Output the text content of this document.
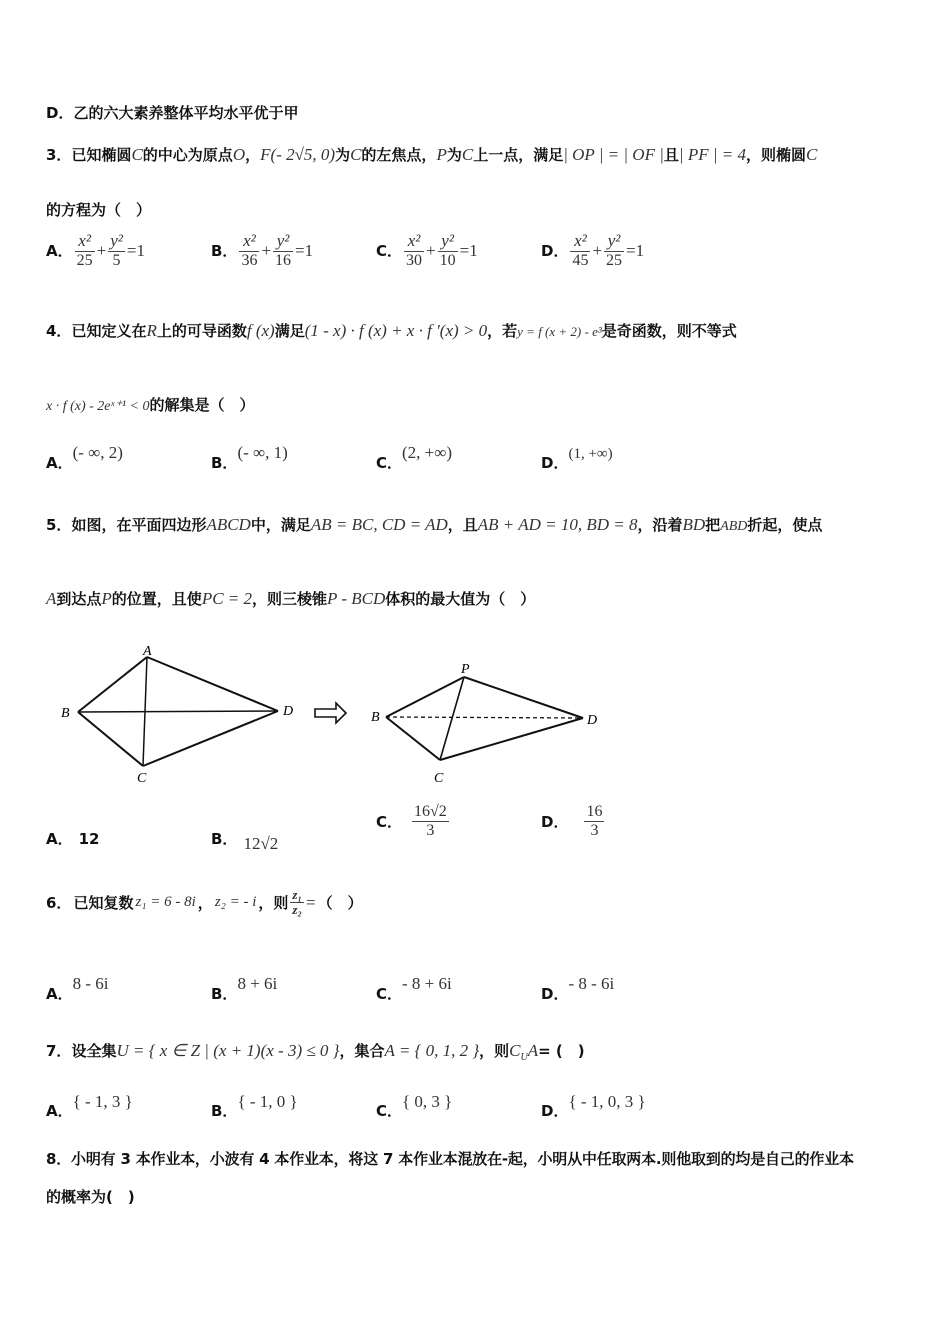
D．乙的六大素养整体平均水平优于甲
3．已知椭圆C的中心为原点O，F(- 2√5, 0)为C的左焦点，P为C上一点，满足| OP | = | OF |且| PF | = 4，则椭圆C
的方程为（　）
A． $\frac{\text{x²}}{25} + \frac{\text{y²}}{5} =1$	B． $\frac{\text{x²}}{36} + \frac{\text{y²}}{16} =1$	C． $\frac{\text{x²}}{30} + \frac{\text{y²}}{10} =1$	D． $\frac{\text{x²}}{45} + \frac{\text{y²}}{25} =1$
4．已知定义在R上的可导函数f (x)满足(1 - x) · f (x) + x · f ′(x) > 0，若y = f (x + 2) - e³是奇函数，则不等式
x · f (x) - 2eˣ⁺¹ < 0的解集是（　）
A．(- ∞, 2)
B．(- ∞, 1)
C．(2, +∞)
D．(1, +∞)
5．如图，在平面四边形ABCD中，满足AB = BC, CD = AD，且AB + AD = 10, BD = 8，沿着BD把ABD折起，使点
A到达点P的位置，且使PC = 2，则三棱锥P - BCD体积的最大值为（　）
A
B
C
D
P
B
C
D
A． 12	B． 12√2
C． $\frac{16√2}{3}$	D． $\frac{16}{3}$
6． 已知复数 z₁ = 6 - 8i ， z₂ = - i ，则 $\frac{\text{z₁}}{\text{z₂}}$ = （　）
A．8 - 6i
B．8 + 6i
C．- 8 + 6i
D．- 8 - 6i
7．设全集U = { x ∈ Z | (x + 1)(x - 3) ≤ 0 }，集合A = { 0, 1, 2 }，则$C_UA=$ (　)
A．{ - 1, 3 }	B．{ - 1, 0 }	C．{ 0, 3 }	D．{ - 1, 0, 3 }
8．小明有 3 本作业本，小波有 4 本作业本，将这 7 本作业本混放在-起，小明从中任取两本.则他取到的均是自己的作业本
的概率为(　)
